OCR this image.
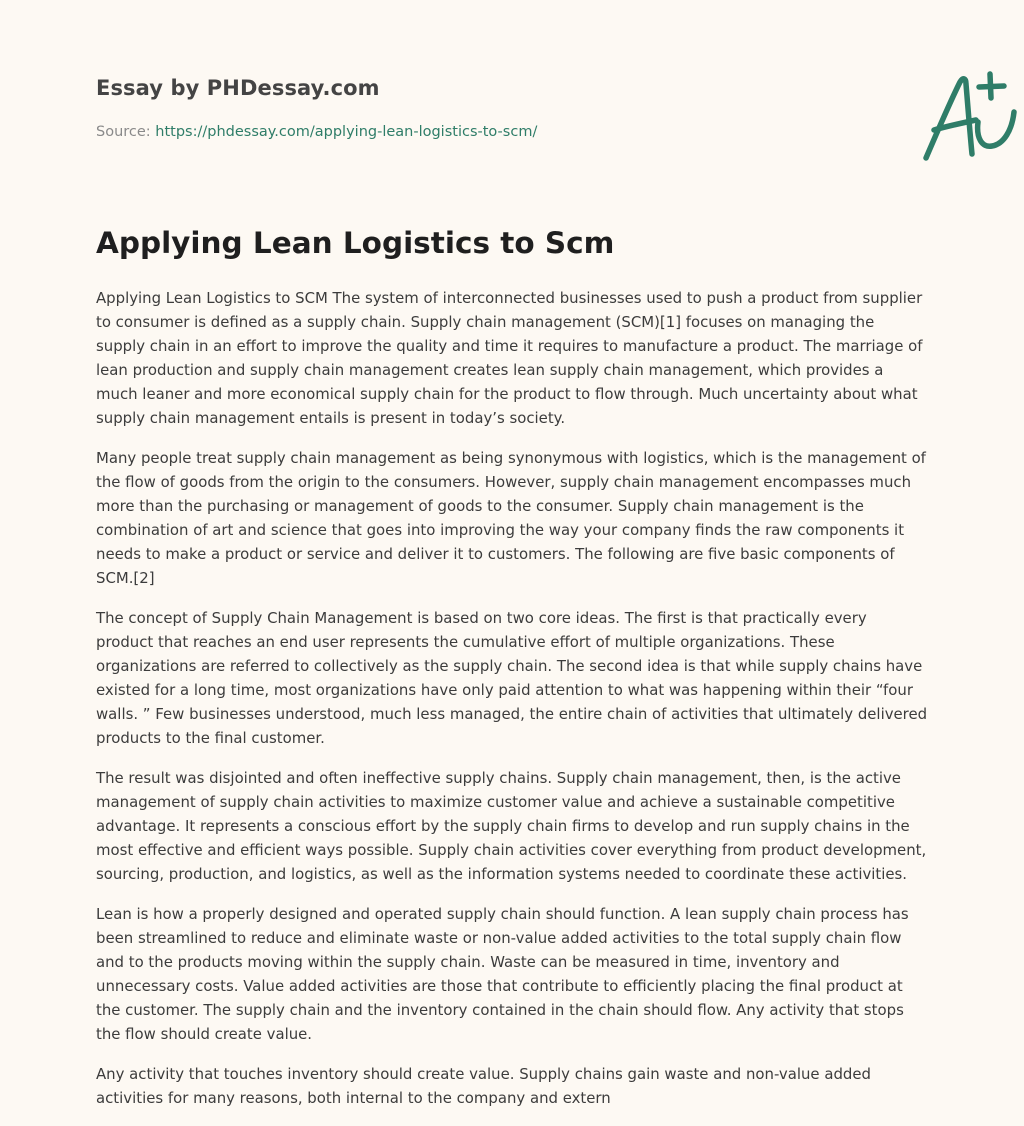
Essay by PHDessay.com
Source: https://phdessay.com/applying-lean-logistics-to-scm/
Applying Lean Logistics to Scm

Applying Lean Logistics to SCM The system of interconnected businesses used to push a product from supplier to consumer is defined as a supply chain. Supply chain management (SCM)[1] focuses on managing the supply chain in an effort to improve the quality and time it requires to manufacture a product. The marriage of lean production and supply chain management creates lean supply chain management, which provides a much leaner and more economical supply chain for the product to flow through. Much uncertainty about what supply chain management entails is present in today’s society.

Many people treat supply chain management as being synonymous with logistics, which is the management of the flow of goods from the origin to the consumers. However, supply chain management encompasses much more than the purchasing or management of goods to the consumer. Supply chain management is the combination of art and science that goes into improving the way your company finds the raw components it needs to make a product or service and deliver it to customers. The following are five basic components of SCM.[2]

The concept of Supply Chain Management is based on two core ideas. The first is that practically every product that reaches an end user represents the cumulative effort of multiple organizations. These organizations are referred to collectively as the supply chain. The second idea is that while supply chains have existed for a long time, most organizations have only paid attention to what was happening within their “four walls. ” Few businesses understood, much less managed, the entire chain of activities that ultimately delivered products to the final customer.

The result was disjointed and often ineffective supply chains. Supply chain management, then, is the active management of supply chain activities to maximize customer value and achieve a sustainable competitive advantage. It represents a conscious effort by the supply chain firms to develop and run supply chains in the most effective and efficient ways possible. Supply chain activities cover everything from product development, sourcing, production, and logistics, as well as the information systems needed to coordinate these activities.

Lean is how a properly designed and operated supply chain should function. A lean supply chain process has been streamlined to reduce and eliminate waste or non-value added activities to the total supply chain flow and to the products moving within the supply chain. Waste can be measured in time, inventory and unnecessary costs. Value added activities are those that contribute to efficiently placing the final product at the customer. The supply chain and the inventory contained in the chain should flow. Any activity that stops the flow should create value.

Any activity that touches inventory should create value. Supply chains gain waste and non-value added activities for many reasons, both internal to the company and extern
